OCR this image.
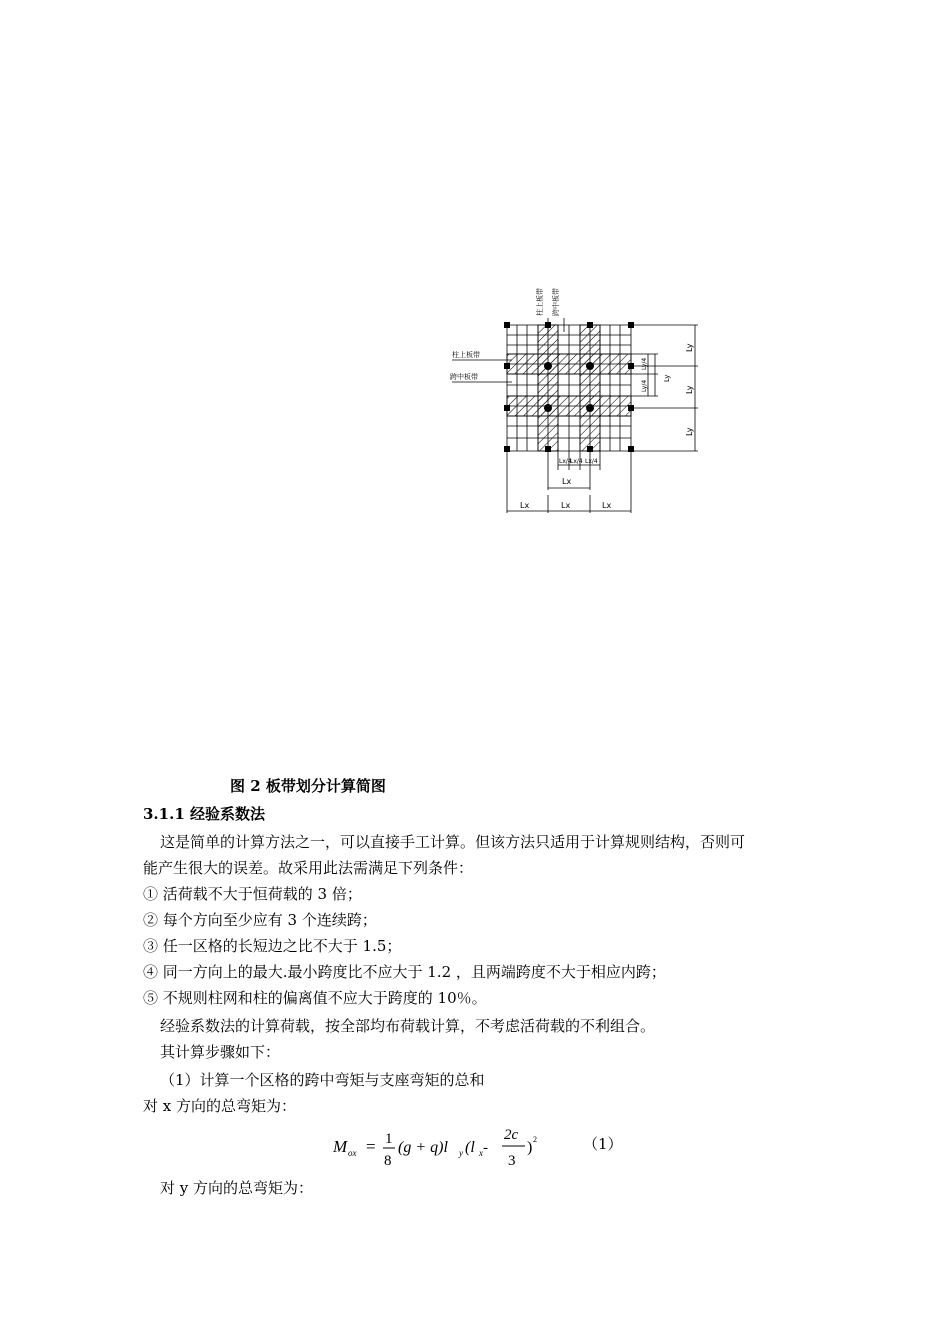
柱上板带 跨中板带
柱上板带
跨中板带
Ly
Ly
Ly
Ly/4
Ly/4
Ly
Lx/4
Lx/4 Lx/4
Lx
Lx	Lx	Lx
图 2 板带划分计算简图
3.1.1 经验系数法
这是简单的计算方法之一，可以直接手工计算。但该方法只适用于计算规则结构，否则可
能产生很大的误差。故采用此法需满足下列条件：
① 活荷载不大于恒荷载的 3 倍；
② 每个方向至少应有 3 个连续跨；
③ 任一区格的长短边之比不大于 1.5；
④ 同一方向上的最大.最小跨度比不应大于 1.2 ，且两端跨度不大于相应内跨；
⑤ 不规则柱网和柱的偏离值不应大于跨度的 10％。
经验系数法的计算荷载，按全部均布荷载计算，不考虑活荷载的不利组合。
其计算步骤如下：
（1）计算一个区格的跨中弯矩与支座弯矩的总和
对 x 方向的总弯矩为：
M ox = 1
8
(g + q)l y (l x -
2c
3
) 2	（1）
对 y 方向的总弯矩为：
